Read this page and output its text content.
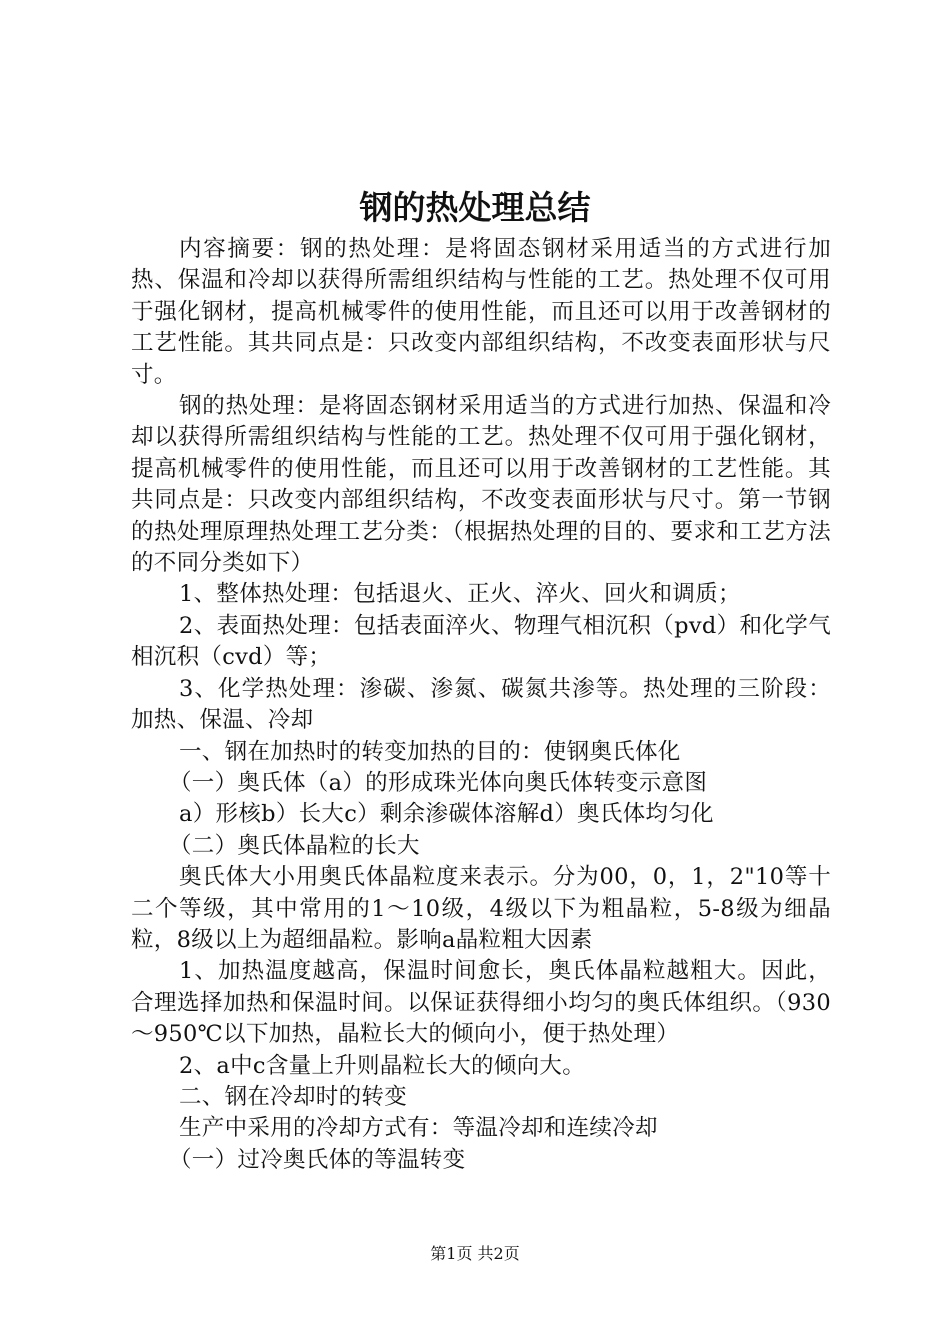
钢的热处理总结

内容摘要：钢的热处理：是将固态钢材采用适当的方式进行加热、保温和冷却以获得所需组织结构与性能的工艺。热处理不仅可用于强化钢材，提高机械零件的使用性能，而且还可以用于改善钢材的工艺性能。其共同点是：只改变内部组织结构，不改变表面形状与尺寸。

钢的热处理：是将固态钢材采用适当的方式进行加热、保温和冷却以获得所需组织结构与性能的工艺。热处理不仅可用于强化钢材，提高机械零件的使用性能，而且还可以用于改善钢材的工艺性能。其共同点是：只改变内部组织结构，不改变表面形状与尺寸。第一节钢的热处理原理热处理工艺分类：（根据热处理的目的、要求和工艺方法的不同分类如下）

1、整体热处理：包括退火、正火、淬火、回火和调质；

2、表面热处理：包括表面淬火、物理气相沉积（pvd）和化学气相沉积（cvd）等；

3、化学热处理：渗碳、渗氮、碳氮共渗等。热处理的三阶段：加热、保温、冷却

一、钢在加热时的转变加热的目的：使钢奥氏体化

（一）奥氏体（a）的形成珠光体向奥氏体转变示意图

a）形核b）长大c）剩余渗碳体溶解d）奥氏体均匀化

（二）奥氏体晶粒的长大

奥氏体大小用奥氏体晶粒度来表示。分为00，0，1，2"10等十二个等级，其中常用的1～10级，4级以下为粗晶粒，5-8级为细晶粒，8级以上为超细晶粒。影响a晶粒粗大因素

1、加热温度越高，保温时间愈长，奥氏体晶粒越粗大。因此，合理选择加热和保温时间。以保证获得细小均匀的奥氏体组织。（930～950℃以下加热，晶粒长大的倾向小，便于热处理）

2、a中c含量上升则晶粒长大的倾向大。

二、钢在冷却时的转变

生产中采用的冷却方式有：等温冷却和连续冷却

（一）过冷奥氏体的等温转变

第1页 共2页
